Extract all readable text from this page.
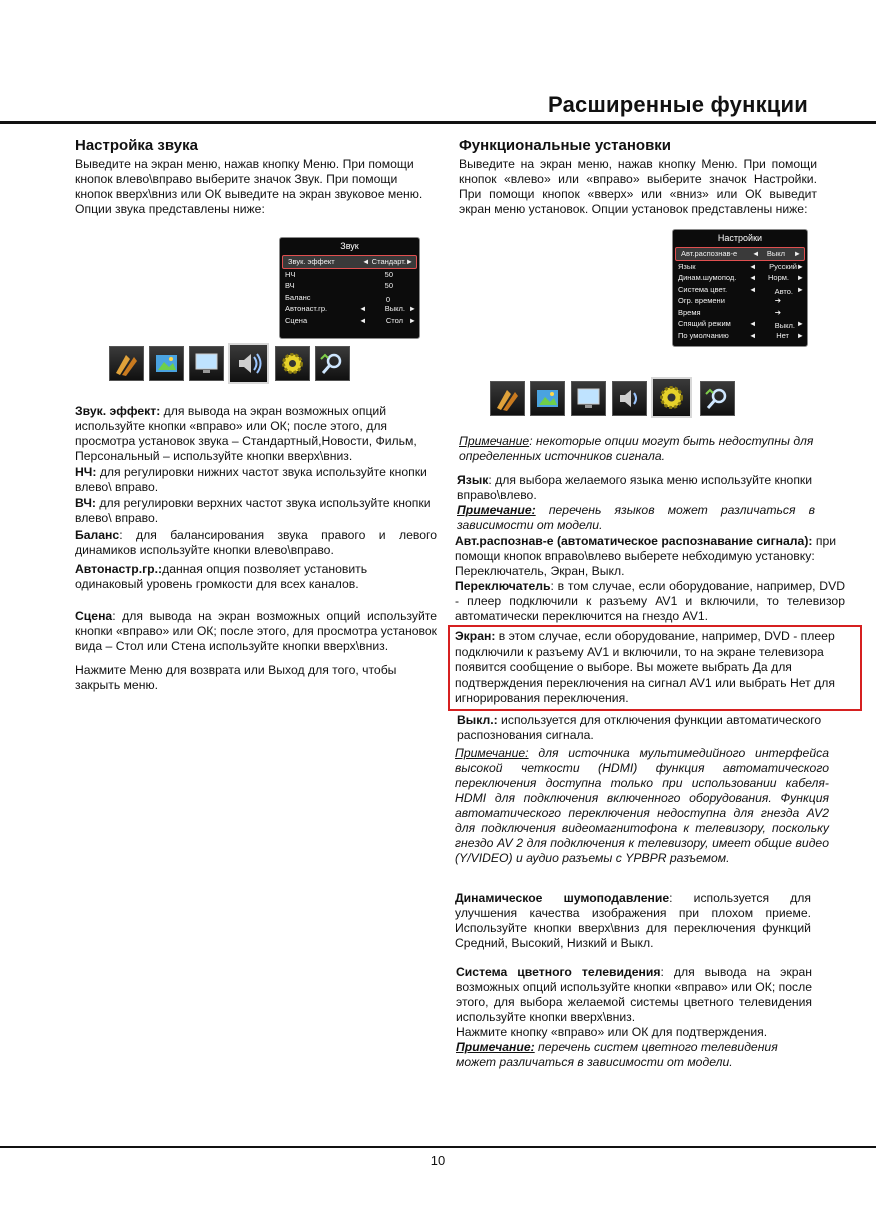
Расширенные функции
Настройка звука

Выведите на экран меню, нажав кнопку Меню. При помощи кнопок влево\вправо выберите значок Звук. При помощи кнопок вверх\вниз или ОК выведите на экран звуковое меню. Опции звука представлены ниже:

Звук
Звук. эффект	◄ Стандарт. ►
НЧ	50
ВЧ	50
Баланс	0
Автонаст.гр.	◄ Выкл. ►
Сцена	◄	Стол ►

Звук. эффект: для вывода на экран возможных опций используйте кнопки «вправо» или ОК; после этого, для просмотра установок звука – Стандартный,Новости, Фильм, Персональный – используйте кнопки вверх\вниз.

НЧ: для регулировки нижних частот звука используйте кнопки влево\ вправо.

ВЧ: для регулировки верхних частот звука используйте кнопки влево\ вправо.

Баланс: для балансирования звука правого и левого динамиков используйте кнопки влево\вправо.

Автонастр.гр.:данная опция позволяет установить одинаковый уровень громкости для всех каналов.

Сцена: для вывода на экран возможных опций используйте кнопки «вправо» или ОК; после этого, для просмотра установок вида – Стол или Стена используйте кнопки вверх\вниз.

Нажмите Меню для возврата или Выход для того, чтобы закрыть меню.

Функциональные установки

Выведите на экран меню, нажав кнопку Меню. При помощи кнопок «влево» или «вправо» выберите значок Настройки. При помощи кнопок «вверх» или «вниз» или ОК выведит экран меню установок. Опции установок представлены ниже:

Настройки
Авт.распознав-е ◄ Выкл ►
Язык	◄ Русский ►
Динам.шумопод. ◄ Норм. ►
Система цвет.	◄ Авто. ►
Огр. времени	➔
Время	➔
Спящий режим ◄ Выкл. ►
По умолчанию	◄	Нет ►

Примечание: некоторые опции могут быть недоступны для определенных источников сигнала.

Язык: для выбора желаемого языка меню используйте кнопки вправо\влево.

Примечание: перечень языков может различаться в зависимости от модели.

Авт.распознав-е (автоматическое распознавание сигнала): при помощи кнопок вправо\влево выберете небходимую установку: Переключатель, Экран, Выкл.

Переключатель: в том случае, если оборудование, например, DVD - плеер подключили к разъему AV1 и включили, то телевизор автоматически переключится на гнездо AV1.

Экран: в этом случае, если оборудование, например, DVD - плеер подключили к разъему AV1 и включили, то на экране телевизора появится сообщение о выборе. Вы можете выбрать Да для подтверждения переключения на сигнал AV1 или выбрать Нет для игнорирования переключения.

Выкл.: используется для отключения функции автоматического распознования сигнала.

Примечание: для источника мультимедийного интерфейса высокой четкости (HDMI) функция автоматического переключения доступна только при использовании кабеля-HDMI для подключения включенного оборудования. Функция автоматического переключения недоступна для гнезда AV2 для подключения видеомагнитофона к телевизору, поскольку гнездо AV 2 для подключения к телевизору, имеет общие видео (Y/VIDEO) и аудио разъемы с YPBPR разъемом.

Динамическое шумоподавление: используется для улучшения качества изображения при плохом приеме. Используйте кнопки вверх\вниз для переключения функций Средний, Высокий, Низкий и Выкл.

Система цветного телевидения: для вывода на экран возможных опций используйте кнопки «вправо» или ОК; после этого, для выбора желаемой системы цветного телевидения используйте кнопки вверх\вниз.

Нажмите кнопку «вправо» или ОК для подтверждения.

Примечание: перечень систем цветного телевидения может различаться в зависимости от модели.

10
